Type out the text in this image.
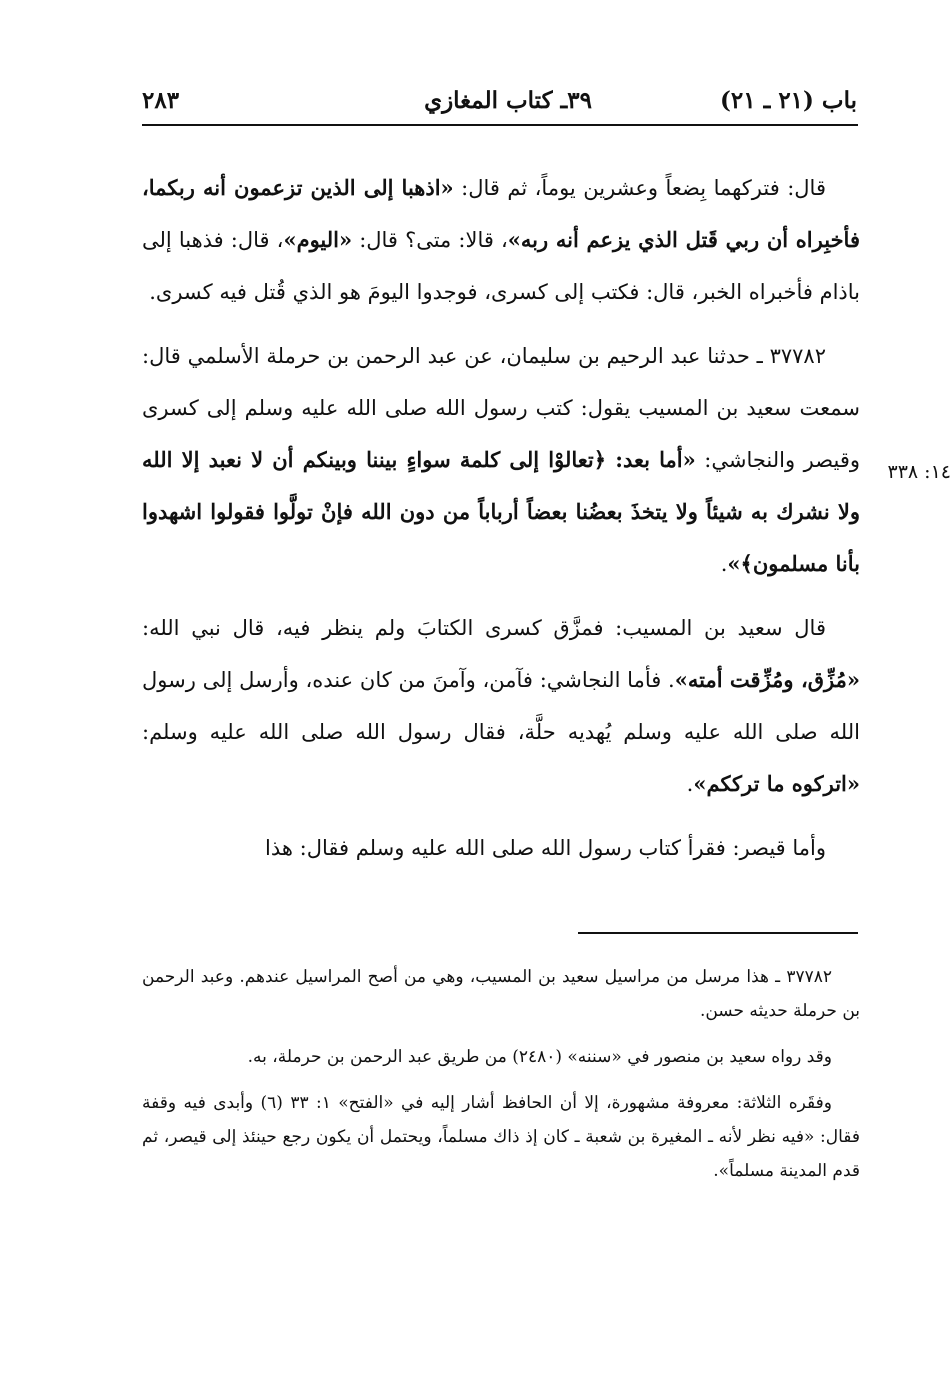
باب (٢١ ـ ٢١)
٣٩ـ كتاب المغازي
٢٨٣
١٤: ٣٣٨

قال: فتركهما بِضعاً وعشرين يوماً، ثم قال: «اذهبا إلى الذين تزعمون أنه ربكما، فأخبِراه أن ربي قَتل الذي يزعم أنه ربه»، قالا: متى؟ قال: «اليوم»، قال: فذهبا إلى باذام فأخبراه الخبر، قال: فكتب إلى كسرى، فوجدوا اليومَ هو الذي قُتل فيه كسرى.

٣٧٧٨٢ ـ حدثنا عبد الرحيم بن سليمان، عن عبد الرحمن بن حرملة الأسلمي قال: سمعت سعيد بن المسيب يقول: كتب رسول الله صلى الله عليه وسلم إلى كسرى وقيصر والنجاشي: «أما بعد: ﴿تعالوْا إلى كلمة سواءٍ بيننا وبينكم أن لا نعبد إلا الله ولا نشرك به شيئاً ولا يتخذَ بعضُنا بعضاً أرباباً من دون الله فإنْ تولَّوا فقولوا اشهدوا بأنا مسلمون﴾».

قال سعيد بن المسيب: فمزَّق كسرى الكتابَ ولم ينظر فيه، قال نبي الله: «مُزِّق، ومُزِّقت أمته». فأما النجاشي: فآمن، وآمنَ من كان عنده، وأرسل إلى رسول الله صلى الله عليه وسلم يُهديه حلَّة، فقال رسول الله صلى الله عليه وسلم: «اتركوه ما ترككم».

وأما قيصر: فقرأ كتاب رسول الله صلى الله عليه وسلم فقال: هذا

٣٧٧٨٢ ـ هذا مرسل من مراسيل سعيد بن المسيب، وهي من أصح المراسيل عندهم. وعبد الرحمن بن حرملة حديثه حسن.

وقد رواه سعيد بن منصور في «سننه» (٢٤٨٠) من طريق عبد الرحمن بن حرملة، به.

وفقَره الثلاثة: معروفة مشهورة، إلا أن الحافظ أشار إليه في «الفتح» ١: ٣٣ (٦) وأبدى فيه وقفة فقال: «فيه نظر لأنه ـ المغيرة بن شعبة ـ كان إذ ذاك مسلماً، ويحتمل أن يكون رجع حينئذ إلى قيصر، ثم قدم المدينة مسلماً».
